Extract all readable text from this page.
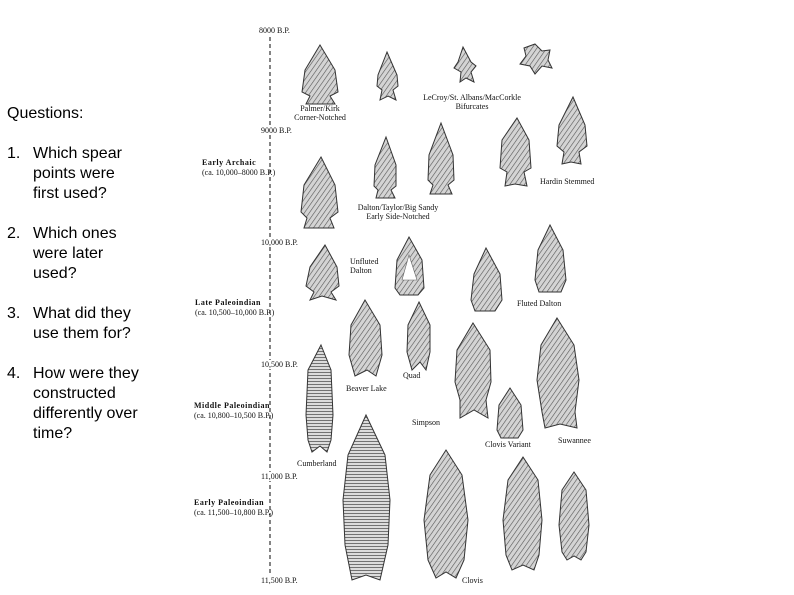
Questions:
1. Which spear points were first used?
2. Which ones were later used?
3. What did they use them for?
4. How were they constructed differently over time?
8000 B.P.
9000 B.P.
10,000 B.P.
10,500 B.P.
11,000 B.P.
11,500 B.P.
Early Archaic
(ca. 10,000–8000 B.P.)
Late Paleoindian
(ca. 10,500–10,000 B.P.)
Middle Paleoindian
(ca. 10,800–10,500 B.P.)
Early Paleoindian
(ca. 11,500–10,800 B.P.)
Palmer/Kirk
Corner-Notched
LeCroy/St. Albans/MacCorkle
Bifurcates
Hardin Stemmed
Dalton/Taylor/Big Sandy
Early Side-Notched
Unfluted
Dalton
Fluted Dalton
Beaver Lake
Quad
Simpson
Suwannee
Clovis Variant
Cumberland
Clovis
